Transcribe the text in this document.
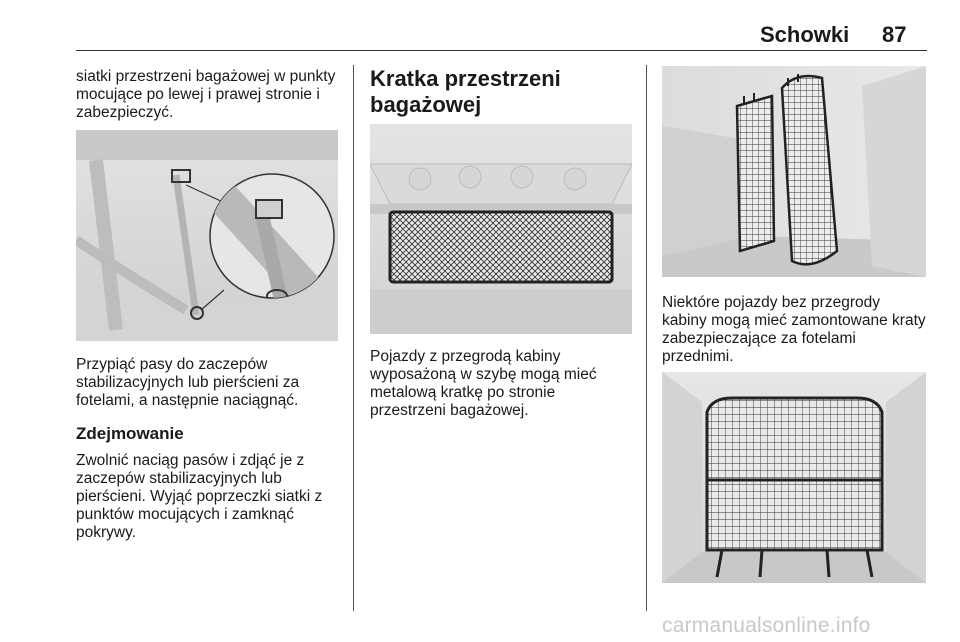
Schowki 87

siatki przestrzeni bagażowej w punkty mocujące po lewej i prawej stronie i zabezpieczyć.

Przypiąć pasy do zaczepów stabilizacyjnych lub pierścieni za fotelami, a następnie naciągnąć.

Zdejmowanie

Zwolnić naciąg pasów i zdjąć je z zaczepów stabilizacyjnych lub pierścieni. Wyjąć poprzeczki siatki z punktów mocujących i zamknąć pokrywy.

Kratka przestrzeni bagażowej

Pojazdy z przegrodą kabiny wyposażoną w szybę mogą mieć metalową kratkę po stronie przestrzeni bagażowej.

Niektóre pojazdy bez przegrody kabiny mogą mieć zamontowane kraty zabezpieczające za fotelami przednimi.

carmanualsonline.info
